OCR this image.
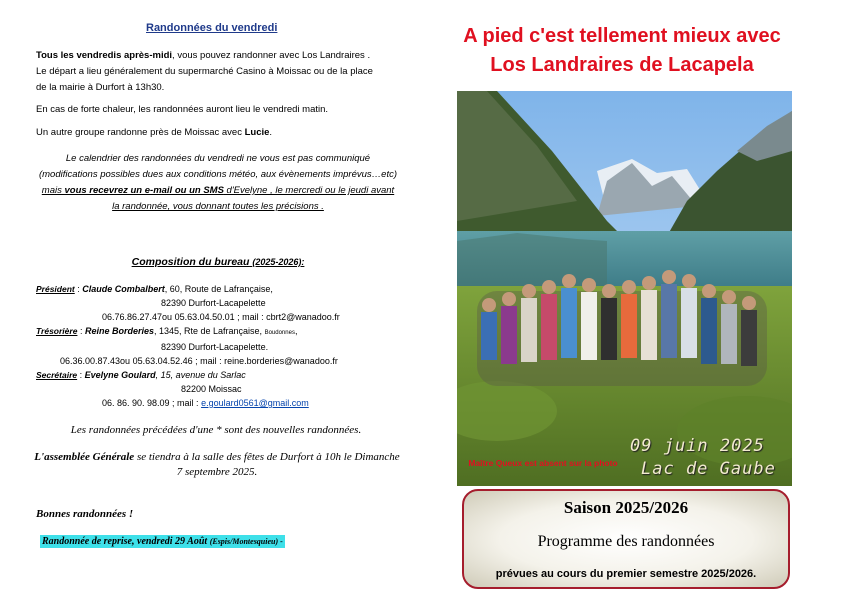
Randonnées du vendredi
Tous les vendredis après-midi, vous pouvez randonner avec Los Landraires . Le départ a lieu généralement du supermarché Casino à Moissac ou de la place de la mairie à Durfort à 13h30.
En cas de forte chaleur, les randonnées auront lieu le vendredi matin.
Un autre groupe randonne près de Moissac avec Lucie.
Le calendrier des randonnées du vendredi ne vous est pas communiqué (modifications possibles dues aux conditions météo, aux évènements imprévus…etc) mais vous recevrez un e-mail ou un SMS d'Evelyne , le mercredi ou le jeudi avant la randonnée, vous donnant toutes les précisions .
Composition du bureau (2025-2026):
Président : Claude Combalbert, 60, Route de Lafrançaise,
82390 Durfort-Lacapelette
06.76.86.27.47ou 05.63.04.50.01 ; mail : cbrt2@wanadoo.fr
Trésorière : Reine Borderies, 1345, Rte de Lafrançaise, Boudonnes,
82390 Durfort-Lacapelette.
06.36.00.87.43ou 05.63.04.52.46 ; mail : reine.borderies@wanadoo.fr
Secrétaire : Evelyne Goulard, 15, avenue du Sarlac
82200 Moissac
06. 86. 90. 98.09 ; mail : e.goulard0561@gmail.com
Les randonnées précédées d'une * sont des nouvelles randonnées.
L'assemblée Générale se tiendra à la salle des fêtes de Durfort à 10h le Dimanche 7 septembre 2025.
Bonnes randonnées !
Randonnée de reprise, vendredi 29 Août (Espis/Montesquieu) -
A pied c'est tellement mieux avec
Los Landraires de Lacapela
09 juin 2025
Lac de Gaube
Maître Queux est absent sur la photo
Saison 2025/2026
Programme des randonnées
prévues au cours du premier semestre 2025/2026.
